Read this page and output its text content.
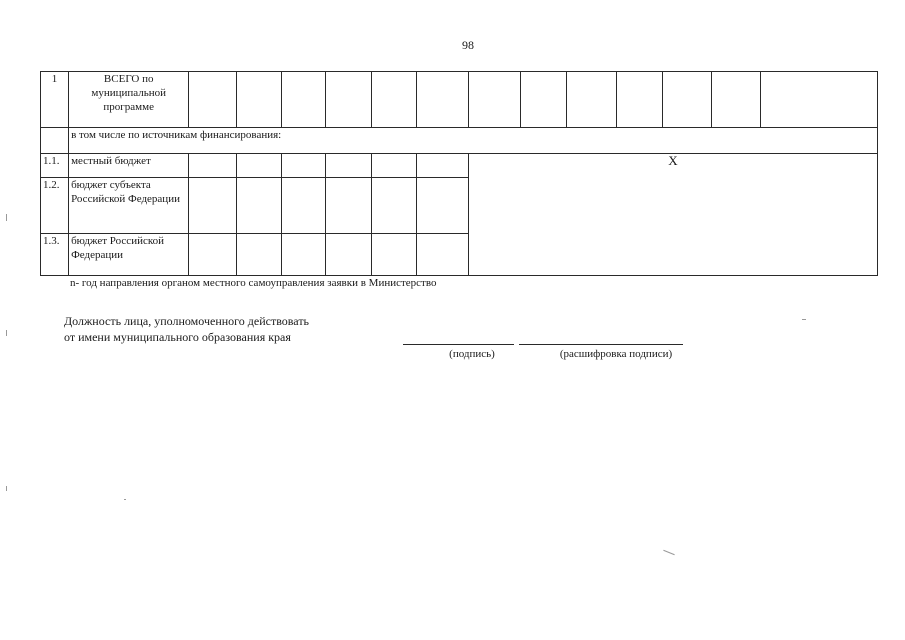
98
1	ВСЕГО по муниципальной программе													
	в том числе по источникам финансирования:													
1.1.	местный бюджет							X						
1.2.	бюджет субъекта Российской Федерации													
1.3.	бюджет Российской Федерации													
n- год направления органом местного самоуправления заявки в Министерство
Должность лица, уполномоченного действовать
от имени муниципального образования края
(подпись)	(расшифровка подписи)
